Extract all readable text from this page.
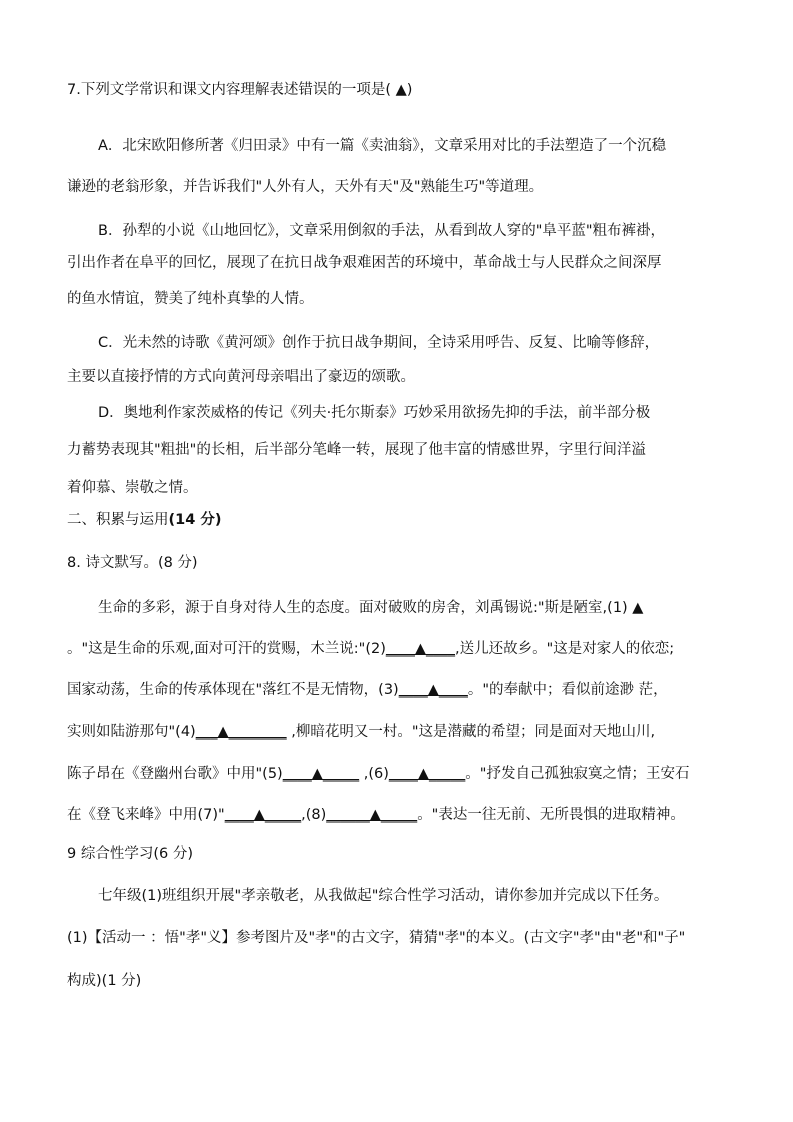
7.下列文学常识和课文内容理解表述错误的一项是( ▲)
A．北宋欧阳修所著《归田录》中有一篇《卖油翁》，文章采用对比的手法塑造了一个沉稳
谦逊的老翁形象，并告诉我们"人外有人，天外有天"及"熟能生巧"等道理。
B．孙犁的小说《山地回忆》，文章采用倒叙的手法，从看到故人穿的"阜平蓝"粗布裤褂，
引出作者在阜平的回忆，展现了在抗日战争艰难困苦的环境中，革命战士与人民群众之间深厚
的鱼水情谊，赞美了纯朴真挚的人情。
C．光未然的诗歌《黄河颂》创作于抗日战争期间，全诗采用呼告、反复、比喻等修辞，
主要以直接抒情的方式向黄河母亲唱出了豪迈的颂歌。
D．奥地利作家茨威格的传记《列夫·托尔斯泰》巧妙采用欲扬先抑的手法，前半部分极
力蓄势表现其"粗拙"的长相，后半部分笔峰一转，展现了他丰富的情感世界，字里行间洋溢
着仰慕、崇敬之情。
二、积累与运用(14 分)
8. 诗文默写。(8 分)
生命的多彩，源于自身对待人生的态度。面对破败的房舍，刘禹锡说:"斯是陋室,(1) ▲
。"这是生命的乐观,面对可汗的赏赐，木兰说:"(2)____▲____,送儿还故乡。"这是对家人的依恋;
国家动荡，生命的传承体现在"落红不是无情物，(3)____▲____。"的奉献中；看似前途渺 茫，
实则如陆游那句"(4)___▲________ ,柳暗花明又一村。"这是潜藏的希望；同是面对天地山川,
陈子昂在《登幽州台歌》中用"(5)____▲_____ ,(6)____▲_____。"抒发自己孤独寂寞之情；王安石
在《登飞来峰》中用(7)"____▲_____,(8)______▲_____。"表达一往无前、无所畏惧的进取精神。
9 综合性学习(6 分)
七年级(1)班组织开展"孝亲敬老，从我做起"综合性学习活动，请你参加并完成以下任务。
(1)【活动一 ：悟"孝"义】参考图片及"孝"的古文字，猜猜"孝"的本义。(古文字"孝"由"老"和"子"
构成)(1 分)
